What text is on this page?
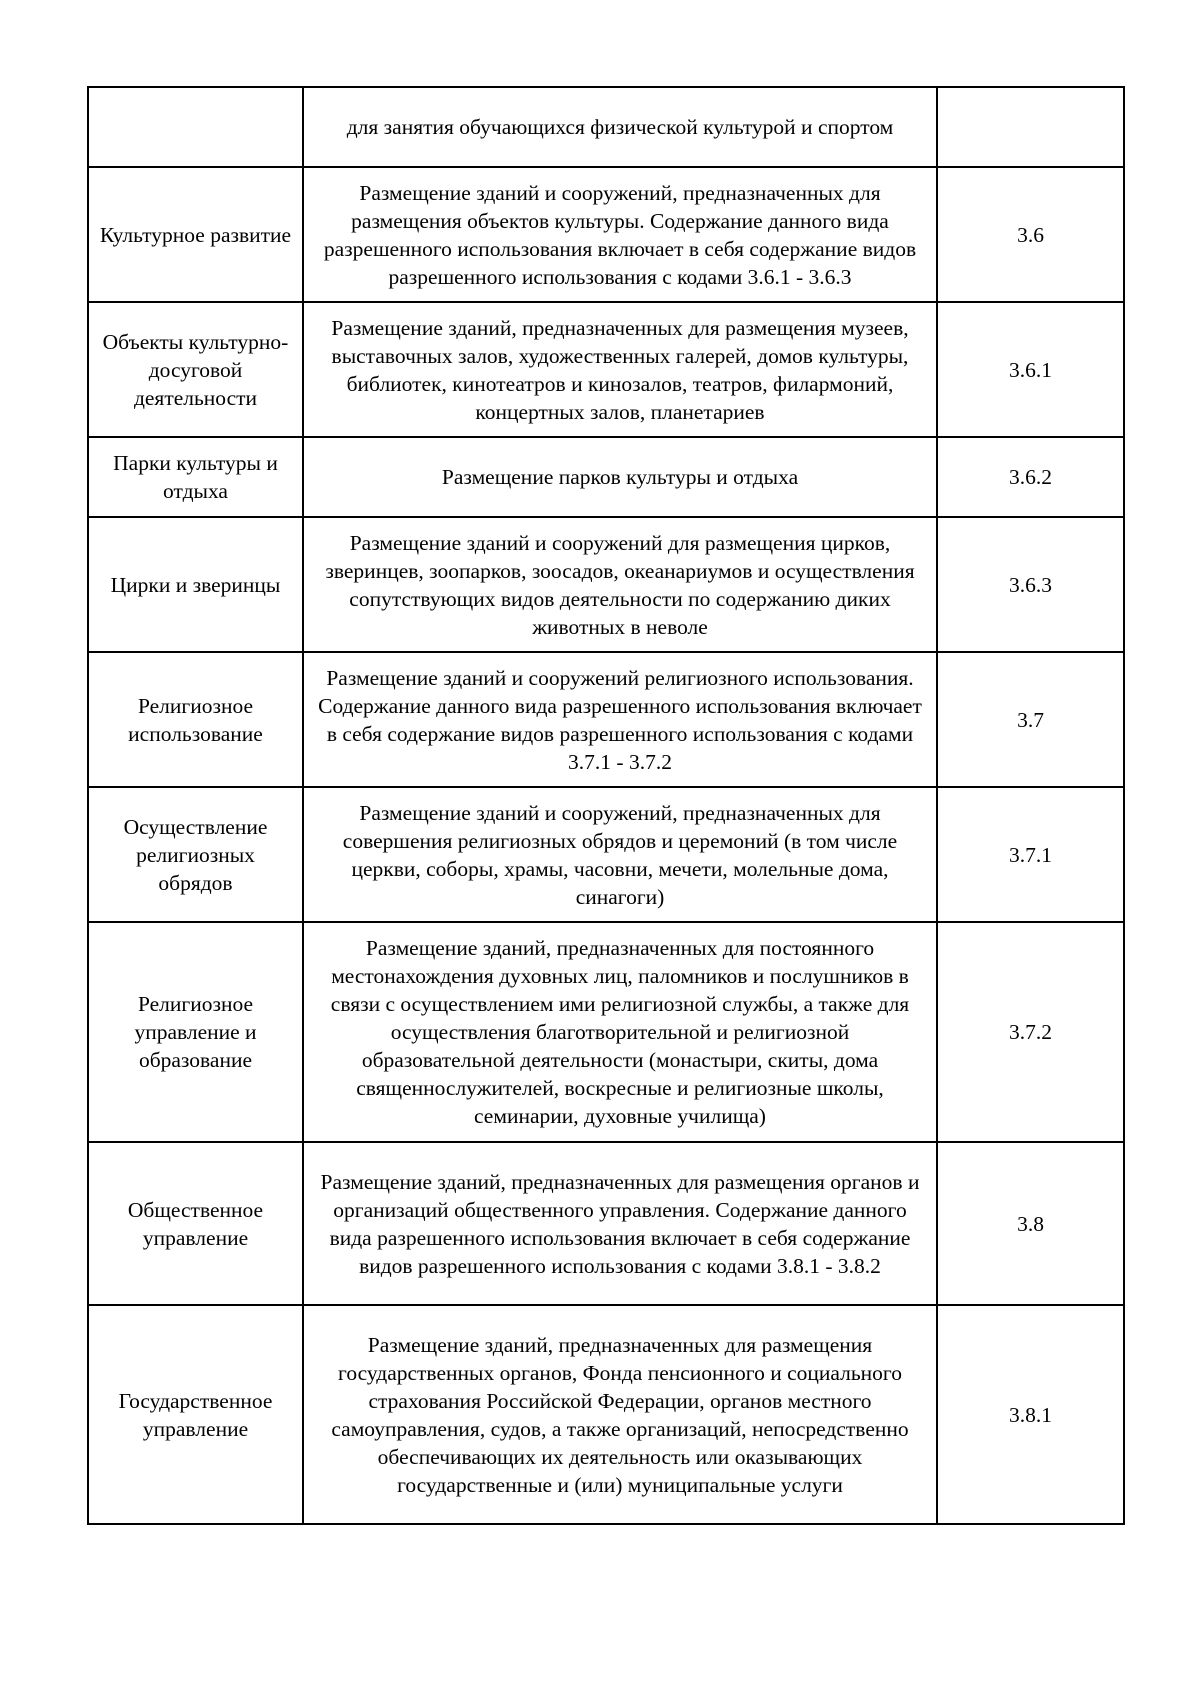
	для занятия обучающихся физической культурой и спортом	
Культурное развитие	Размещение зданий и сооружений, предназначенных для размещения объектов культуры. Содержание данного вида разрешенного использования включает в себя содержание видов разрешенного использования с кодами 3.6.1 - 3.6.3	3.6
Объекты культурно-досуговой деятельности	Размещение зданий, предназначенных для размещения музеев, выставочных залов, художественных галерей, домов культуры, библиотек, кинотеатров и кинозалов, театров, филармоний, концертных залов, планетариев	3.6.1
Парки культуры и отдыха	Размещение парков культуры и отдыха	3.6.2
Цирки и зверинцы	Размещение зданий и сооружений для размещения цирков, зверинцев, зоопарков, зоосадов, океанариумов и осуществления сопутствующих видов деятельности по содержанию диких животных в неволе	3.6.3
Религиозное использование	Размещение зданий и сооружений религиозного использования. Содержание данного вида разрешенного использования включает в себя содержание видов разрешенного использования с кодами 3.7.1 - 3.7.2	3.7
Осуществление религиозных обрядов	Размещение зданий и сооружений, предназначенных для совершения религиозных обрядов и церемоний (в том числе церкви, соборы, храмы, часовни, мечети, молельные дома, синагоги)	3.7.1
Религиозное управление и образование	Размещение зданий, предназначенных для постоянного местонахождения духовных лиц, паломников и послушников в связи с осуществлением ими религиозной службы, а также для осуществления благотворительной и религиозной образовательной деятельности (монастыри, скиты, дома священнослужителей, воскресные и религиозные школы, семинарии, духовные училища)	3.7.2
Общественное управление	Размещение зданий, предназначенных для размещения органов и организаций общественного управления. Содержание данного вида разрешенного использования включает в себя содержание видов разрешенного использования с кодами 3.8.1 - 3.8.2	3.8
Государственное управление	Размещение зданий, предназначенных для размещения государственных органов, Фонда пенсионного и социального страхования Российской Федерации, органов местного самоуправления, судов, а также организаций, непосредственно обеспечивающих их деятельность или оказывающих государственные и (или) муниципальные услуги	3.8.1
